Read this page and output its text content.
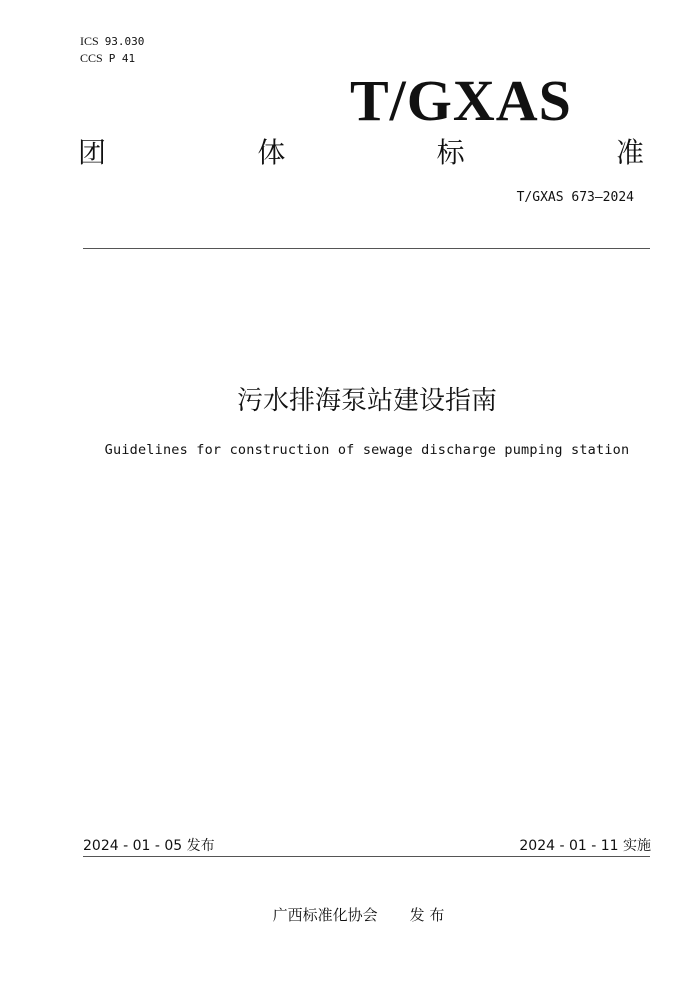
ICS 93.030
CCS P 41
T/GXAS
团	体	标	准
T/GXAS 673—2024
污水排海泵站建设指南
Guidelines for construction of sewage discharge pumping station
2024 - 01 - 05 发布	2024 - 01 - 11 实施
广西标准化协会 发 布
